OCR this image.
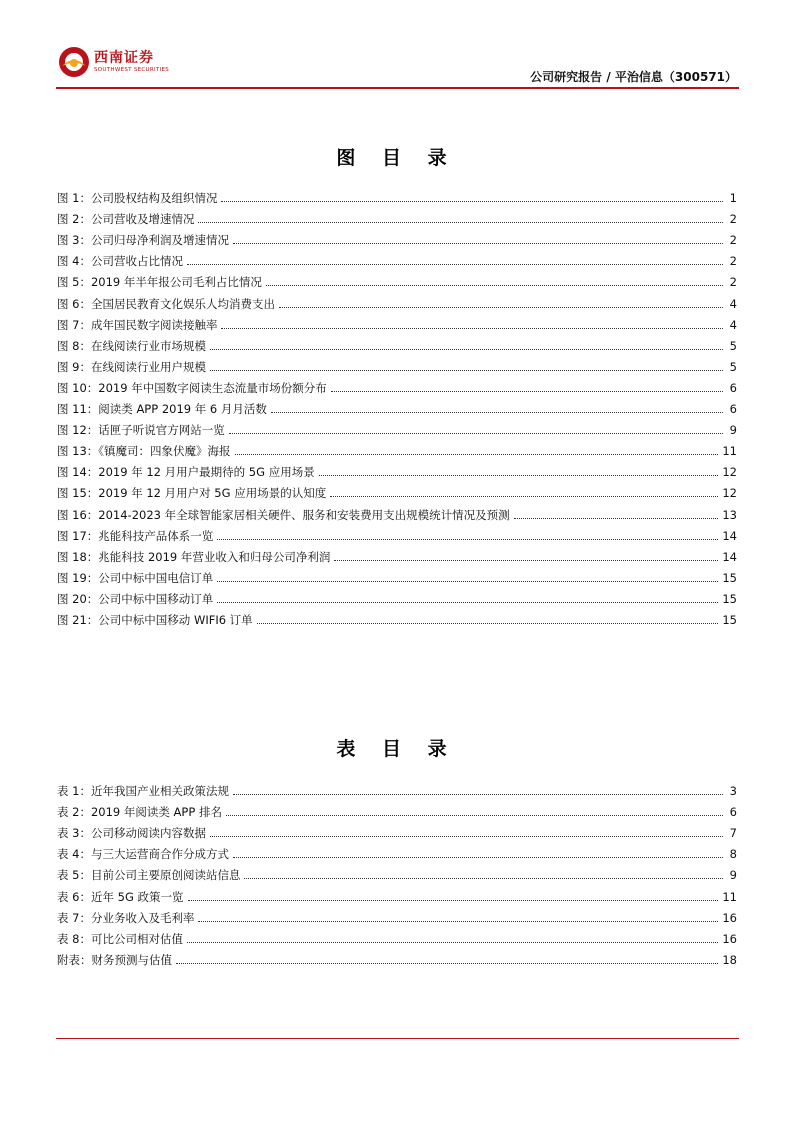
西南证券
SOUTHWEST SECURITIES	公司研究报告 / 平治信息（300571）
图 目 录
图 1：公司股权结构及组织情况	1
图 2：公司营收及增速情况	2
图 3：公司归母净利润及增速情况	2
图 4：公司营收占比情况	2
图 5：2019 年半年报公司毛利占比情况	2
图 6：全国居民教育文化娱乐人均消费支出	4
图 7：成年国民数字阅读接触率	4
图 8：在线阅读行业市场规模	5
图 9：在线阅读行业用户规模	5
图 10：2019 年中国数字阅读生态流量市场份额分布	6
图 11：阅读类 APP 2019 年 6 月月活数	6
图 12：话匣子听说官方网站一览	9
图 13：《镇魔司：四象伏魔》海报	11
图 14：2019 年 12 月用户最期待的 5G 应用场景	12
图 15：2019 年 12 月用户对 5G 应用场景的认知度	12
图 16：2014-2023 年全球智能家居相关硬件、服务和安装费用支出规模统计情况及预测	13
图 17：兆能科技产品体系一览	14
图 18：兆能科技 2019 年营业收入和归母公司净利润	14
图 19：公司中标中国电信订单	15
图 20：公司中标中国移动订单	15
图 21：公司中标中国移动 WIFI6 订单	15
表 目 录
表 1：近年我国产业相关政策法规	3
表 2：2019 年阅读类 APP 排名	6
表 3：公司移动阅读内容数据	7
表 4：与三大运营商合作分成方式	8
表 5：目前公司主要原创阅读站信息	9
表 6：近年 5G 政策一览	11
表 7：分业务收入及毛利率	16
表 8：可比公司相对估值	16
附表：财务预测与估值	18
